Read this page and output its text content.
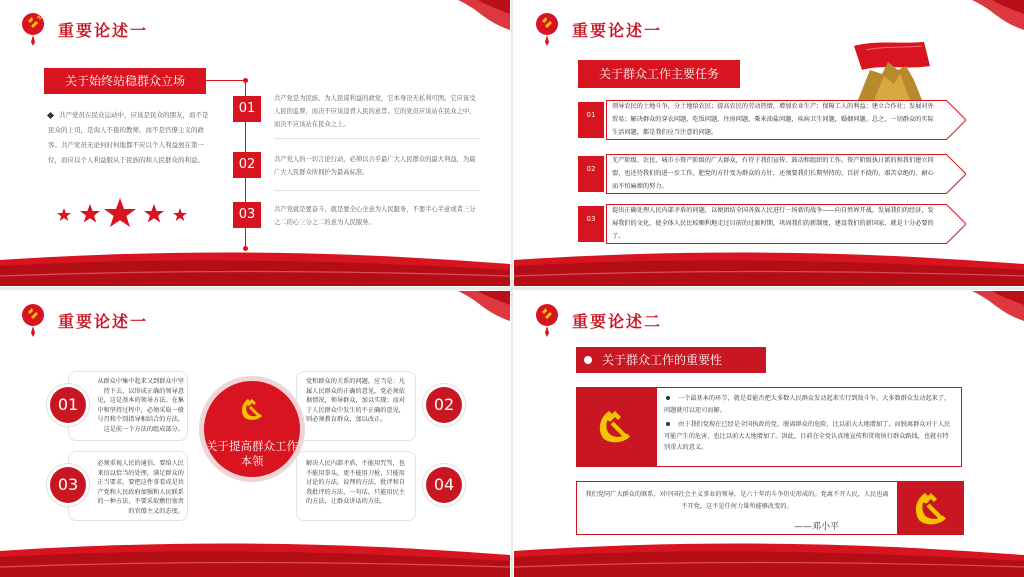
重要论述一
关于始终站稳群众立场
共产党员在民众运动中，应该是民众的朋友，而不是民众的上司，是询人不倦的教师，而不是官僚主义的政客。共产党员无论何时何地都不应以个人利益放在第一位，而应以个人利益服从于民族的和人民群众的利益。
01
共产党是为民族、为人民谋利益的政党，它本身决无私利可图。它应该受人民的监督，而决不应该违背人民的意旨。它的党员应该站在民众之中，而决不应该站在民众之上。
02	共产党人的一切言论行动，必须以合乎最广大人民群众的最大利益，为最广大人民群众所拥护为最高标准。
03	共产党就是要奋斗，就是要全心全意为人民服务，不要半心半意或者三分之二的心三分之二的意为人民服务。
重要论述一
关于群众工作主要任务
01
领导农民的土地斗争，分土地给农民；提高农民的劳动热情，增加农业生产；保障工人的利益；建立合作社；发展对外贸易；解决群众的穿衣问题，吃饭问题，住房问题，柴米油盐问题，疾病卫生问题，婚姻问题。总之，一切群众的实际生活问题，都是我们应当注意的问题。
02
无产阶级、农民、城市小资产阶级的广大群众，有待于我们宣传、鼓动和组织的工作。资产阶级执日派的和我们建立同盟，也还待我们的进一步工作。肥党的方针变为群众的方针，还须要我们长期坚持的、百折不挠的、艰苦卓绝的、耐心而不怕麻烦的努力。
03
提出正确处理人民内部矛盾的问题，以便团结全国各族人民进行一场新的战争——向自然界开战，发展我们的经济，发展我们的文化，使全体人民比较顺利地走过目前的过渡时期，巩固我们的新制度，建设我们的新国家，就是十分必要的了。
重要论述一
从群众中集中起来又到群众中坚持下去，以形成正确的领导意见，这是基本的领导方法。在集中和坚持过程中，必须采取一般号召和个别指导相结合的方法，这是前一个方法的组成部分。
01
党和群众的关系的问题，应当是：凡属人民群众的正确的意见，党必须依据情况，领导群众，加以实现；而对于人民群众中发生的不正确的意见，则必须教育群众，加以改正。
02
必须重视人民的通信，要给人民来信以恰当的处理，满足群众的正当要求，要把这件事看成是共产党和人民政府加强和人民联系的一种方法，不要采取敷衍塞责的官僚主义的态度。
03
解决人民内部矛盾，不能用咒骂，也不能用拳头，更不能用刀枪，只能用讨论的方法，说理的方法，批评和自我批评的方法，一句话，只能用民主的方法，让群众讲话的方法。
04
关于提高群众工作本领
重要论述二
关于群众工作的重要性
一个最基本的环节，就是看能否把大多数人民群众发动起来实行到敌斗争，大多数群众发动起来了，问题就可以迎刃而解。
由于我们党现在已经是全国执政的党，脱离群众的危险，比以前大大地增加了，而脱离群众对于人民可能产生的危害，也比以前大大地增加了。因此，目前在全党认真地宣传和贯彻执行群众路线，也就有特别重大的意义。
我们党同广大群众的联系，对中国社会主义事业的领导，是六十年的斗争历史形成的。党离不开人民，人民也离不开党，这不是任何力量所能够改变的。
——邓小平
